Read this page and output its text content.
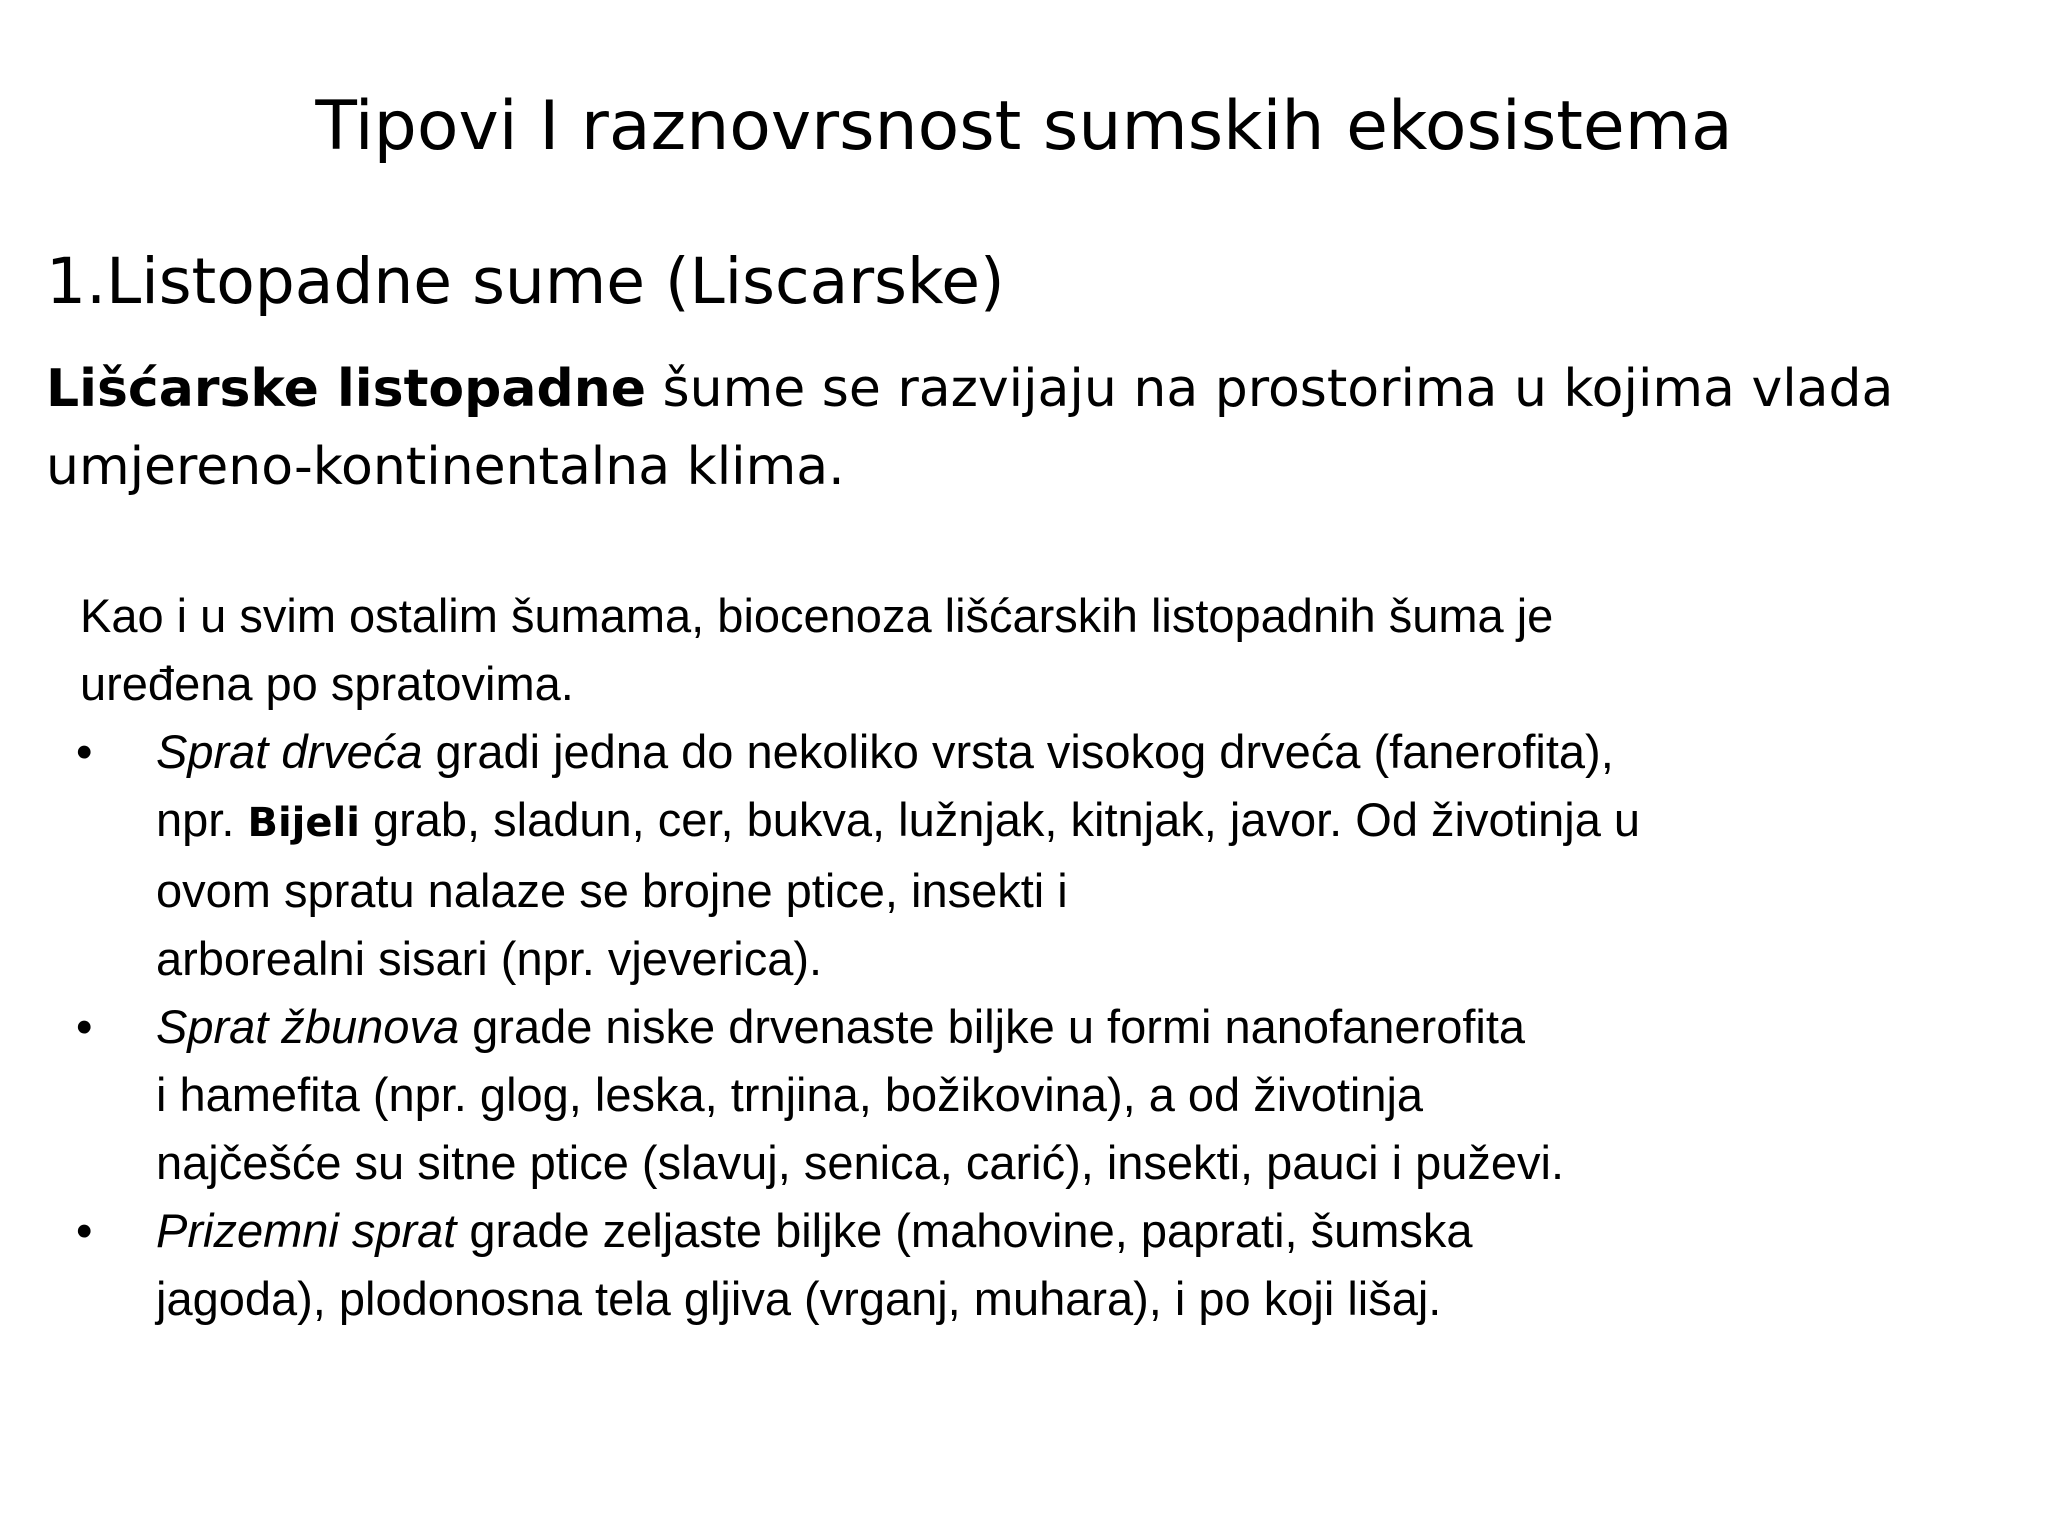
Tipovi I raznovrsnost sumskih ekosistema
1.Listopadne sume (Liscarske)
Lišćarske listopadne šume se razvijaju na prostorima u kojima vlada
umjereno-kontinentalna klima.
Kao i u svim ostalim šumama, biocenoza lišćarskih listopadnih šuma je
uređena po spratovima.
•	Sprat drveća gradi jedna do nekoliko vrsta visokog drveća (fanerofita),
npr. Bijeli grab, sladun, cer, bukva, lužnjak, kitnjak, javor. Od životinja u
ovom spratu nalaze se brojne ptice, insekti i
arborealni sisari (npr. vjeverica).
•	Sprat žbunova grade niske drvenaste biljke u formi nanofanerofita
i hamefita (npr. glog, leska, trnjina, božikovina), a od životinja
najčešće su sitne ptice (slavuj, senica, carić), insekti, pauci i puževi.
•	Prizemni sprat grade zeljaste biljke (mahovine, paprati, šumska
jagoda), plodonosna tela gljiva (vrganj, muhara), i po koji lišaj.
